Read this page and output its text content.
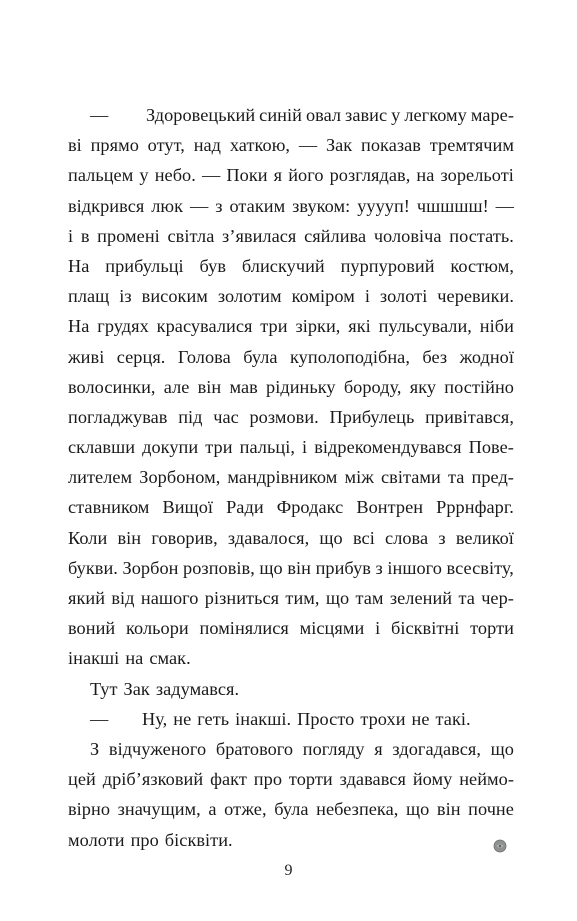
—	Здоровецький синій овал завис у легкому маре-
ві прямо отут, над хаткою, — Зак показав тремтячим
пальцем у небо. — Поки я його розглядав, на зорельоті
відкрився люк — з отаким звуком: ууууп! чшшшш! —
і в промені світла з’явилася сяйлива чоловіча постать.
На прибульці був блискучий пурпуровий костюм,
плащ із високим золотим коміром і золоті черевики.
На грудях красувалися три зірки, які пульсували, ніби
живі серця. Голова була куполоподібна, без жодної
волосинки, але він мав рідиньку бороду, яку постійно
погладжував під час розмови. Прибулець привітався,
склавши докупи три пальці, і відрекомендувався Пове-
лителем Зорбоном, мандрівником між світами та пред-
ставником Вищої Ради Фродакс Вонтрен Ррpнфарг.
Коли він говорив, здавалося, що всі слова з великої
букви. Зорбон розповів, що він прибув з іншого всесвіту,
який від нашого різниться тим, що там зелений та чер-
воний кольори помінялися місцями і бісквітні торти
інакші на смак.
Тут Зак задумався.
—	Ну, не геть інакші. Просто трохи не такі.
З відчуженого братового погляду я здогадався, що
цей дріб’язковий факт про торти здавався йому неймо-
вірно значущим, а отже, була небезпека, що він почне
молоти про бісквіти.
9
